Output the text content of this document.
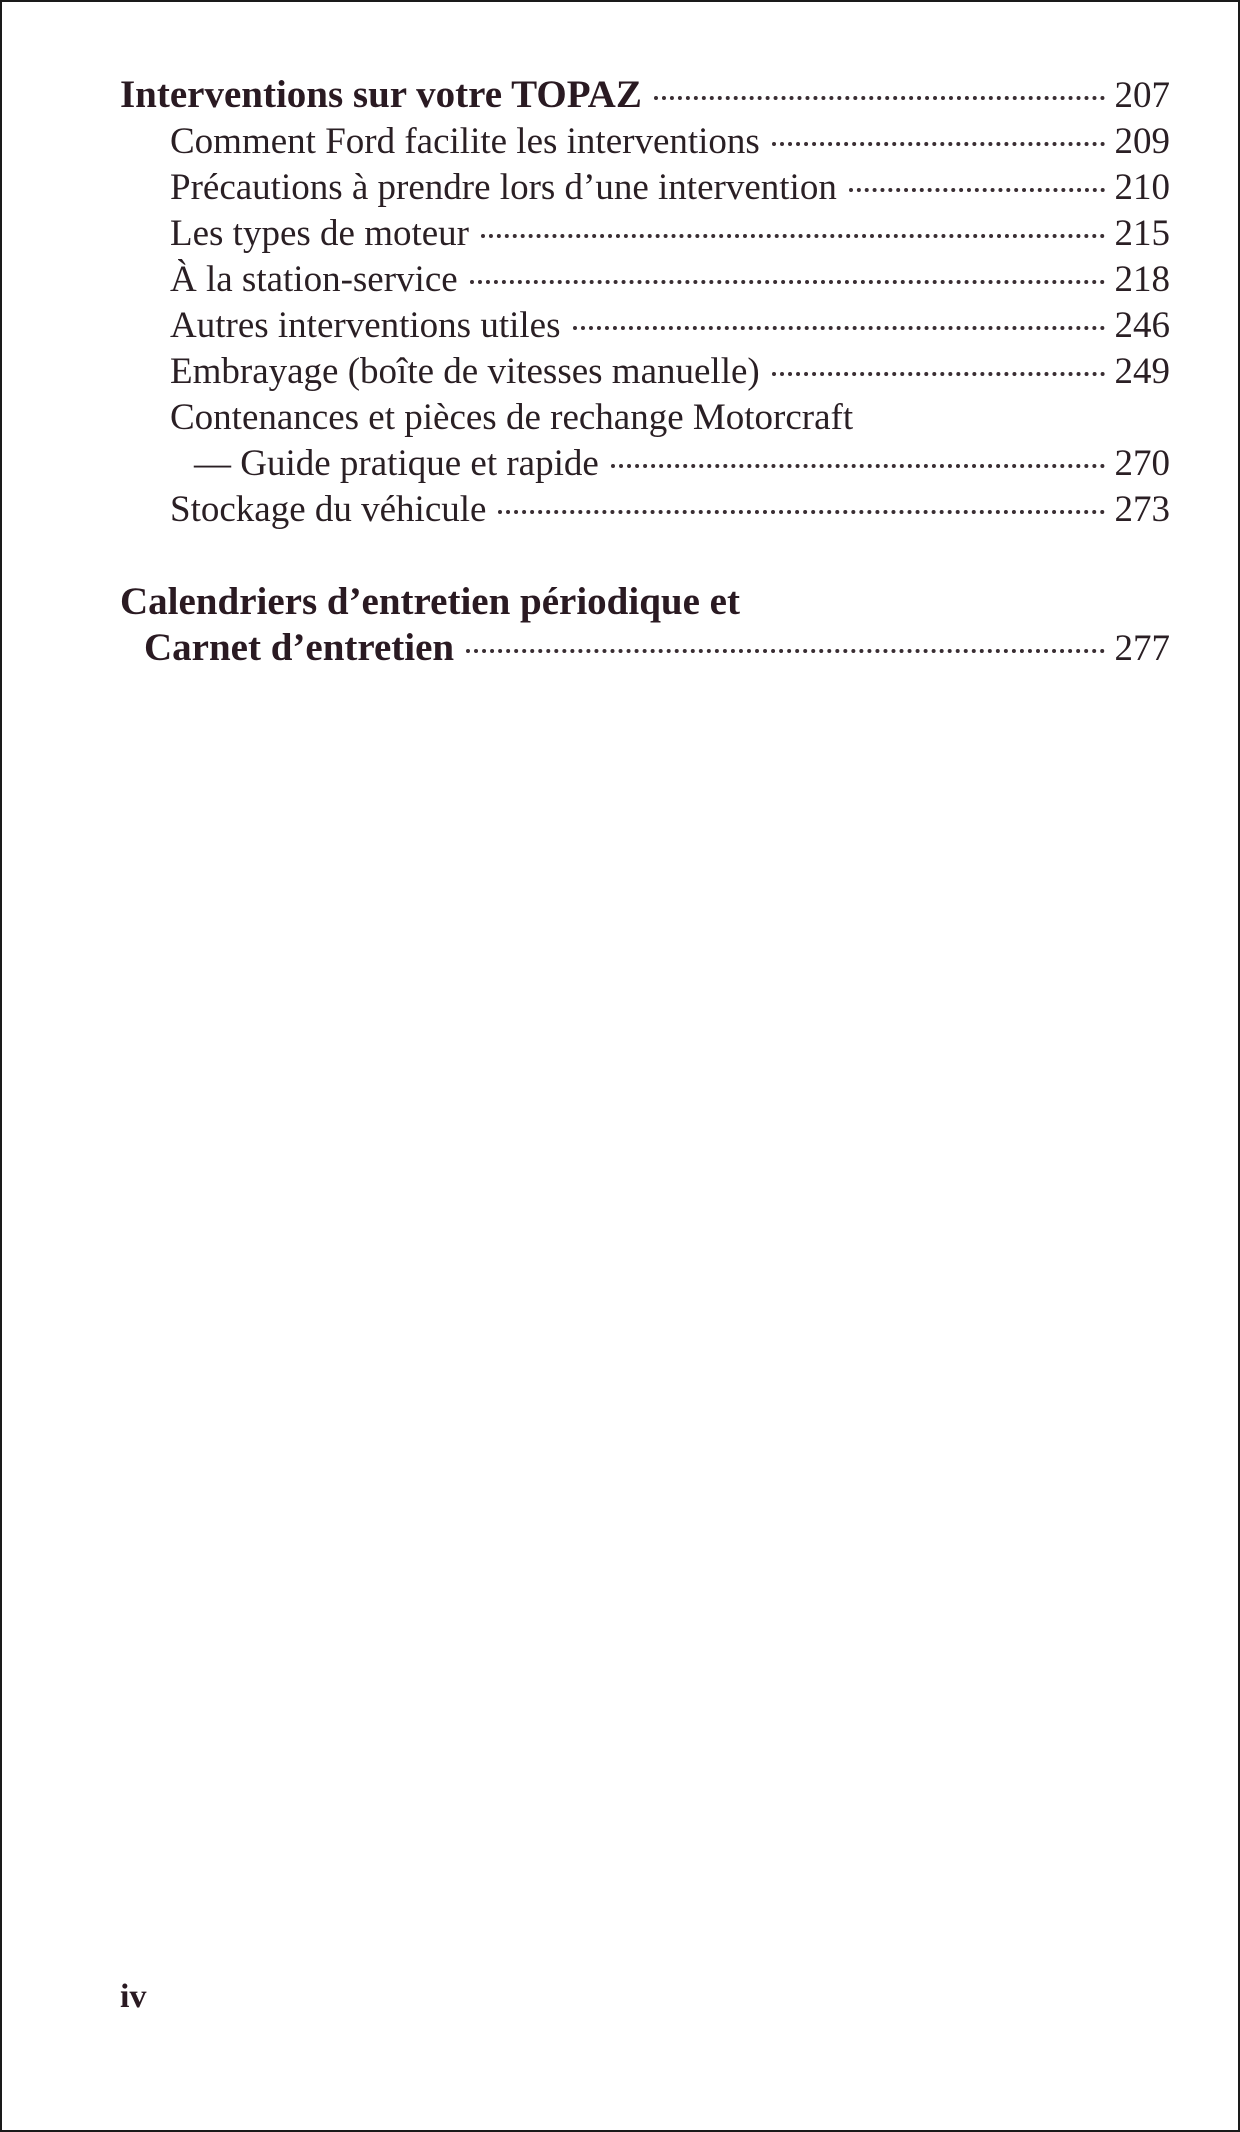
Interventions sur votre TOPAZ	207
Comment Ford facilite les interventions	209
Précautions à prendre lors d’une intervention	210
Les types de moteur	215
À la station-service	218
Autres interventions utiles	246
Embrayage (boîte de vitesses manuelle)	249
Contenances et pièces de rechange Motorcraft
— Guide pratique et rapide	270
Stockage du véhicule	273
Calendriers d’entretien périodique et
Carnet d’entretien	277
iv
